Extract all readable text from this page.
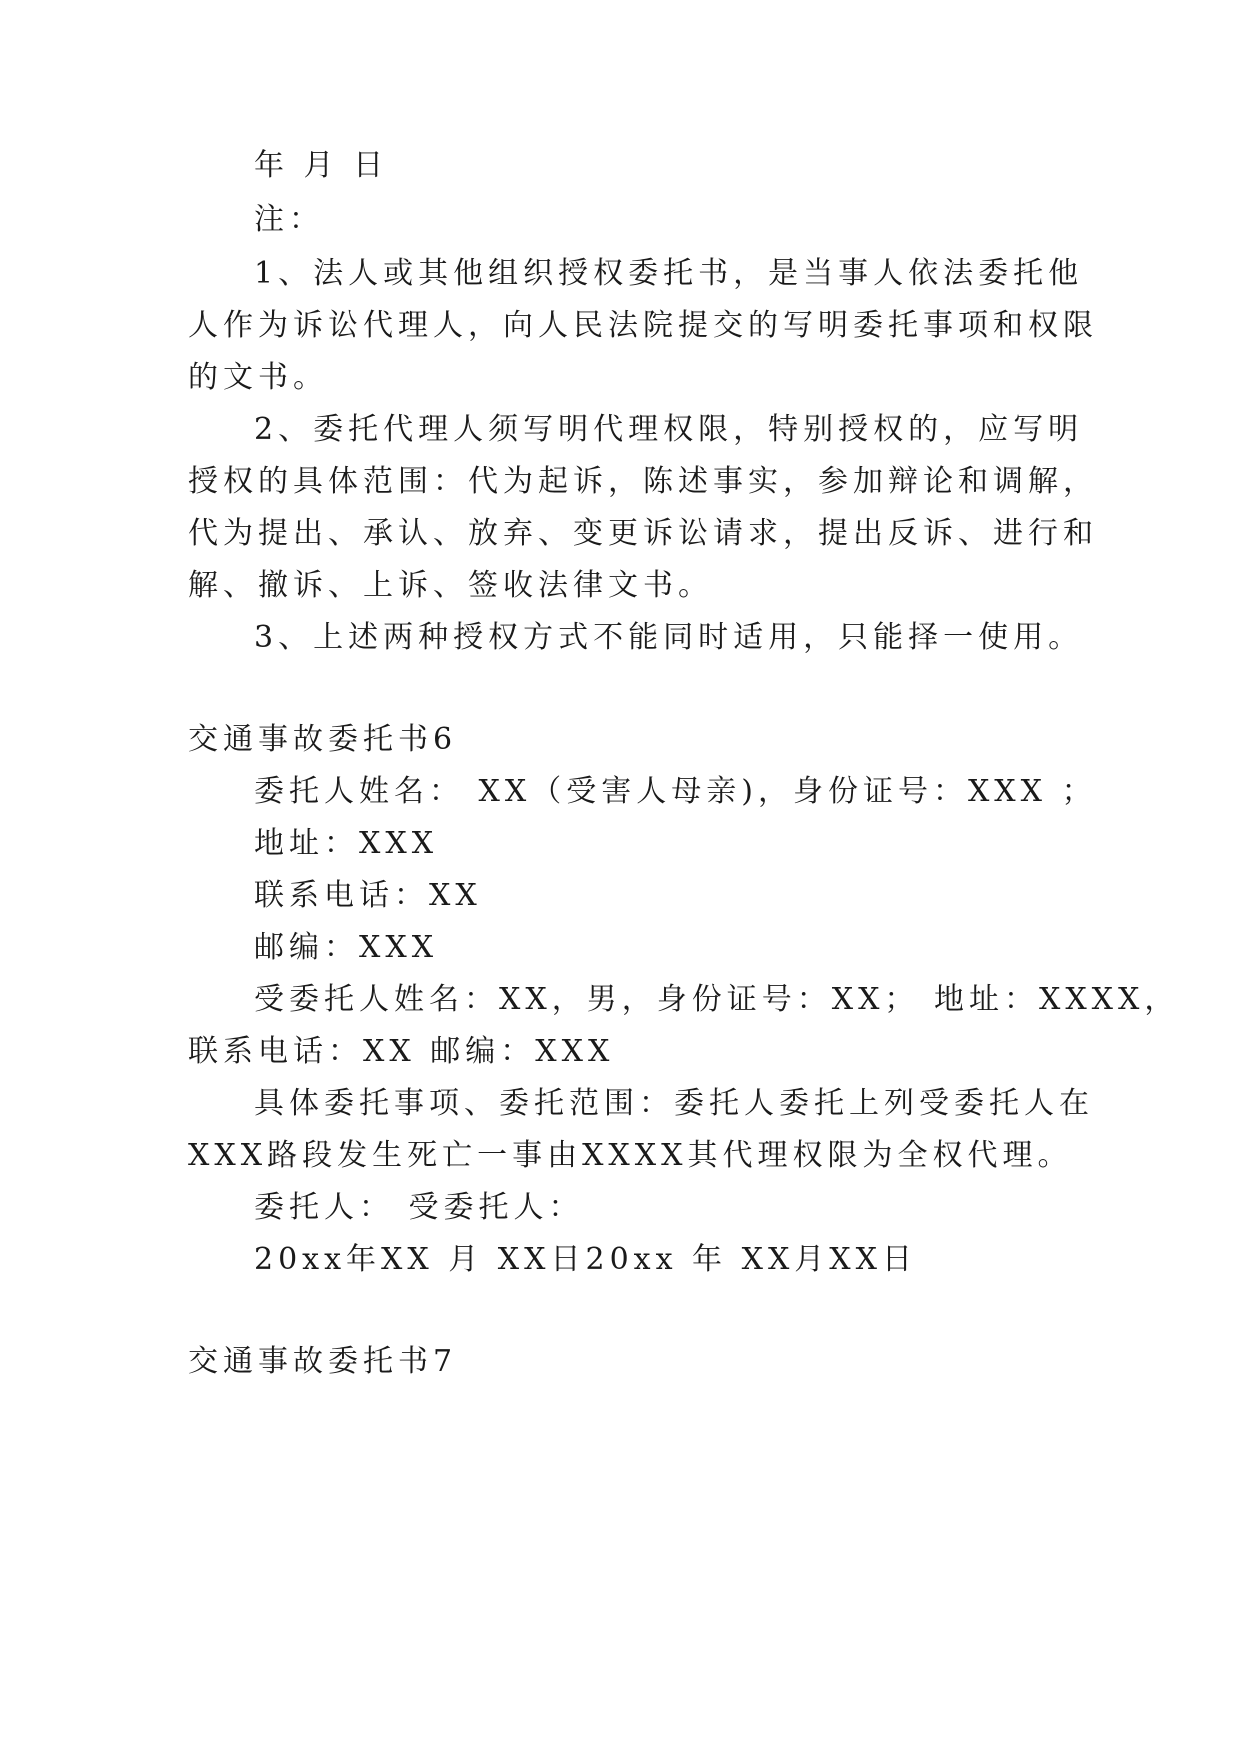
年 月 日
注：
1、法人或其他组织授权委托书，是当事人依法委托他
人作为诉讼代理人，向人民法院提交的写明委托事项和权限
的文书。
2、委托代理人须写明代理权限，特别授权的，应写明
授权的具体范围：代为起诉，陈述事实，参加辩论和调解，
代为提出、承认、放弃、变更诉讼请求，提出反诉、进行和
解、撤诉、上诉、签收法律文书。
3、上述两种授权方式不能同时适用，只能择一使用。
交通事故委托书6
委托人姓名： XX（受害人母亲)，身份证号：XXX ；
地址：XXX
联系电话：XX
邮编：XXX
受委托人姓名：XX，男，身份证号：XX； 地址：XXXX，
联系电话：XX 邮编：XXX
具体委托事项、委托范围：委托人委托上列受委托人在
XXX路段发生死亡一事由XXXX其代理权限为全权代理。
委托人： 受委托人：
20xx年XX 月 XX日20xx 年 XX月XX日
交通事故委托书7
